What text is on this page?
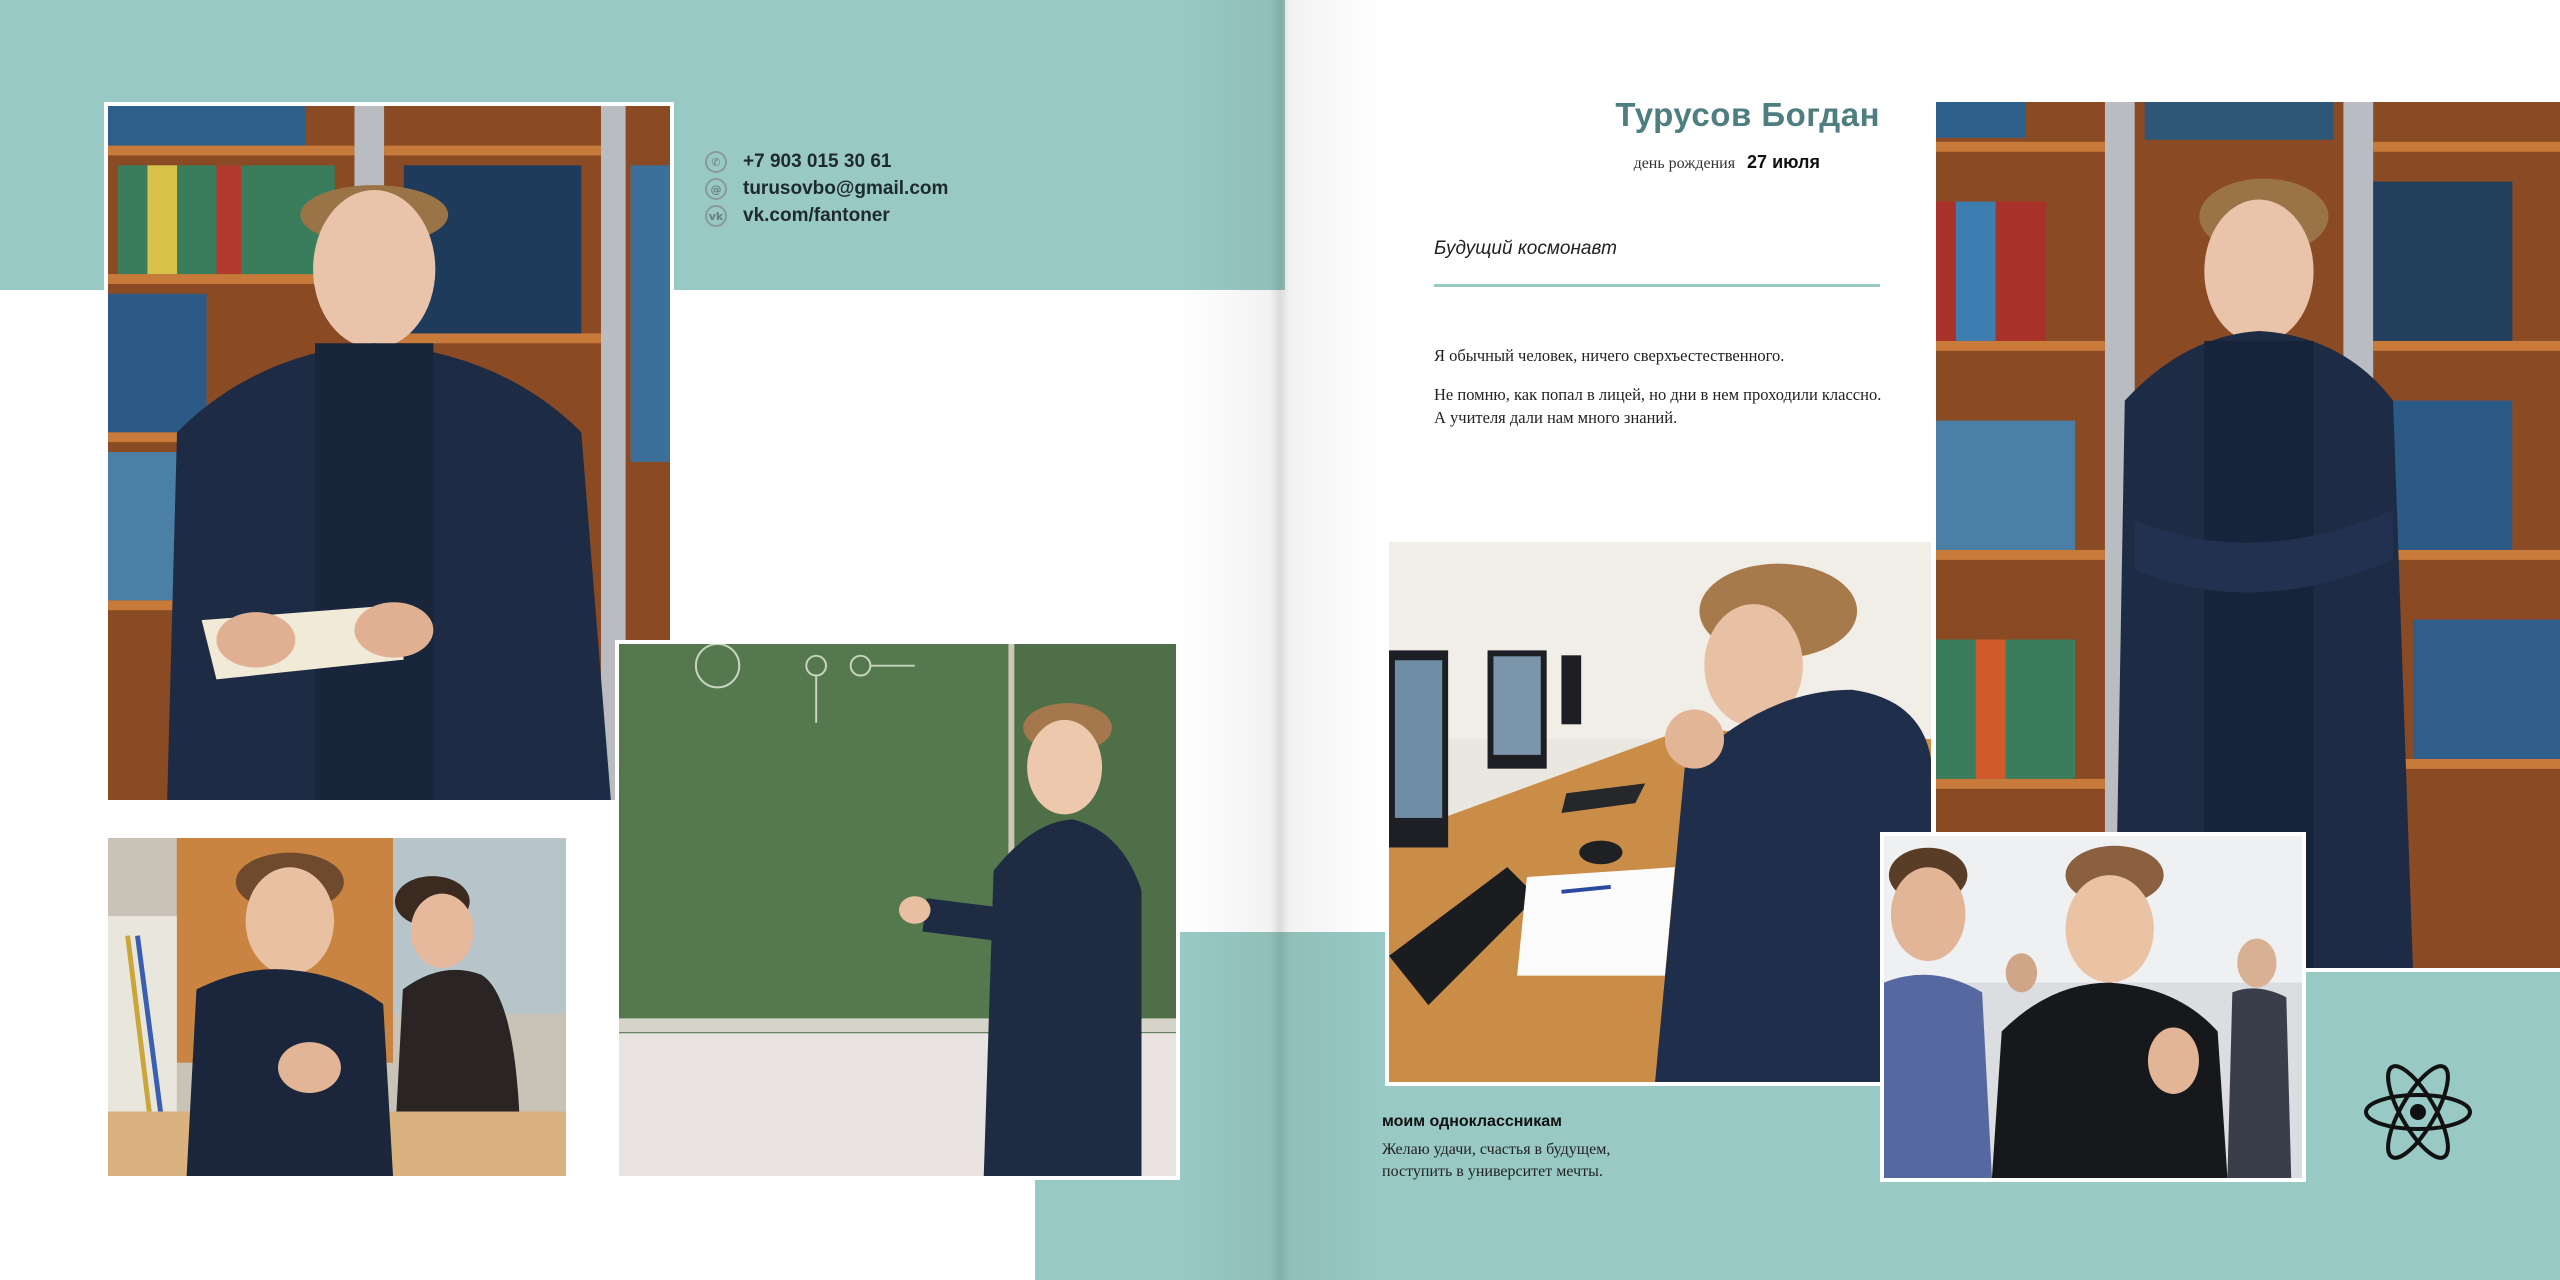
✆	+7 903 015 30 61
@ turusovbo@gmail.com
vk vk.com/fantoner
Турусов Богдан
день рождения 27 июля
Будущий космонавт

Я обычный человек, ничего сверхъестественного.

Не помню, как попал в лицей, но дни в нем проходили классно. А учителя дали нам много знаний.

моим одноклассникам
Желаю удачи, счастья в будущем, поступить в университет мечты.
